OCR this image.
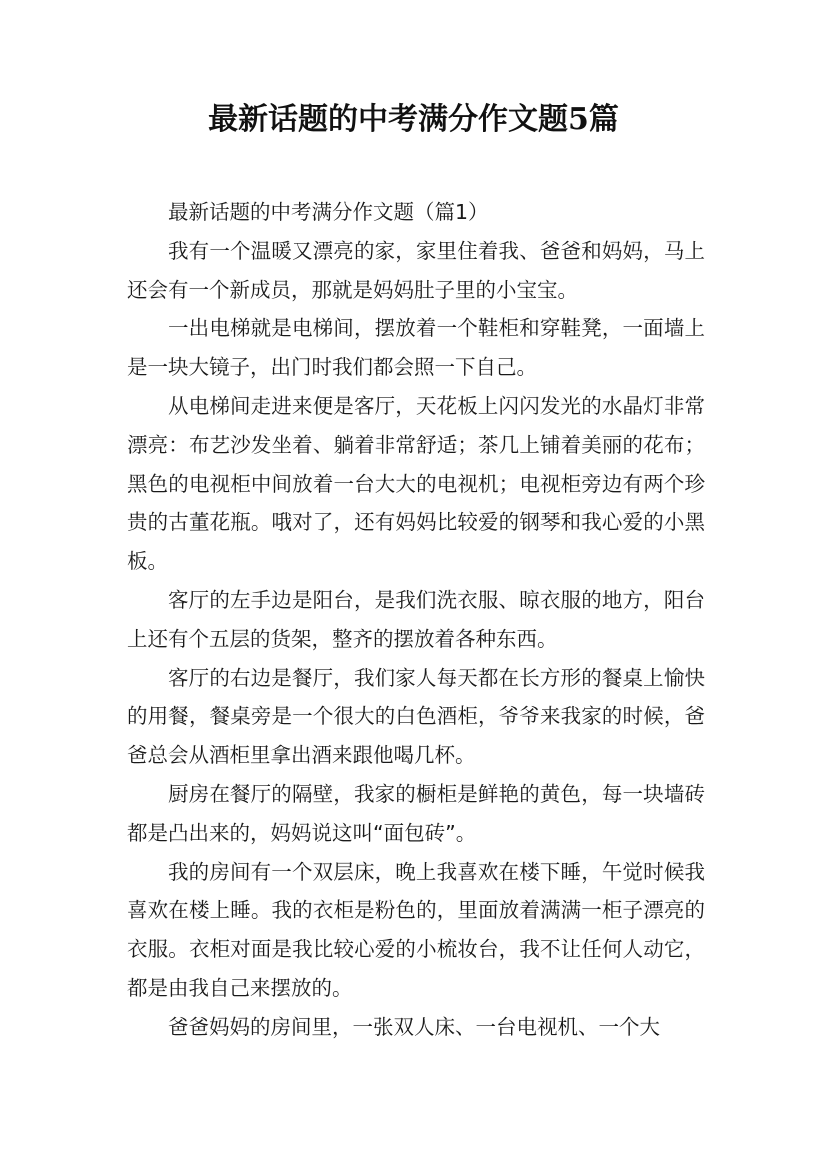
最新话题的中考满分作文题5篇

最新话题的中考满分作文题（篇1）

我有一个温暖又漂亮的家，家里住着我、爸爸和妈妈，马上还会有一个新成员，那就是妈妈肚子里的小宝宝。

一出电梯就是电梯间，摆放着一个鞋柜和穿鞋凳，一面墙上是一块大镜子，出门时我们都会照一下自己。

从电梯间走进来便是客厅，天花板上闪闪发光的水晶灯非常漂亮：布艺沙发坐着、躺着非常舒适；茶几上铺着美丽的花布；黑色的电视柜中间放着一台大大的电视机；电视柜旁边有两个珍贵的古董花瓶。哦对了，还有妈妈比较爱的钢琴和我心爱的小黑板。

客厅的左手边是阳台，是我们洗衣服、晾衣服的地方，阳台上还有个五层的货架，整齐的摆放着各种东西。

客厅的右边是餐厅，我们家人每天都在长方形的餐桌上愉快的用餐，餐桌旁是一个很大的白色酒柜，爷爷来我家的时候，爸爸总会从酒柜里拿出酒来跟他喝几杯。

厨房在餐厅的隔壁，我家的橱柜是鲜艳的黄色，每一块墙砖都是凸出来的，妈妈说这叫“面包砖”。

我的房间有一个双层床，晚上我喜欢在楼下睡，午觉时候我喜欢在楼上睡。我的衣柜是粉色的，里面放着满满一柜子漂亮的衣服。衣柜对面是我比较心爱的小梳妆台，我不让任何人动它，都是由我自己来摆放的。

爸爸妈妈的房间里，一张双人床、一台电视机、一个大
